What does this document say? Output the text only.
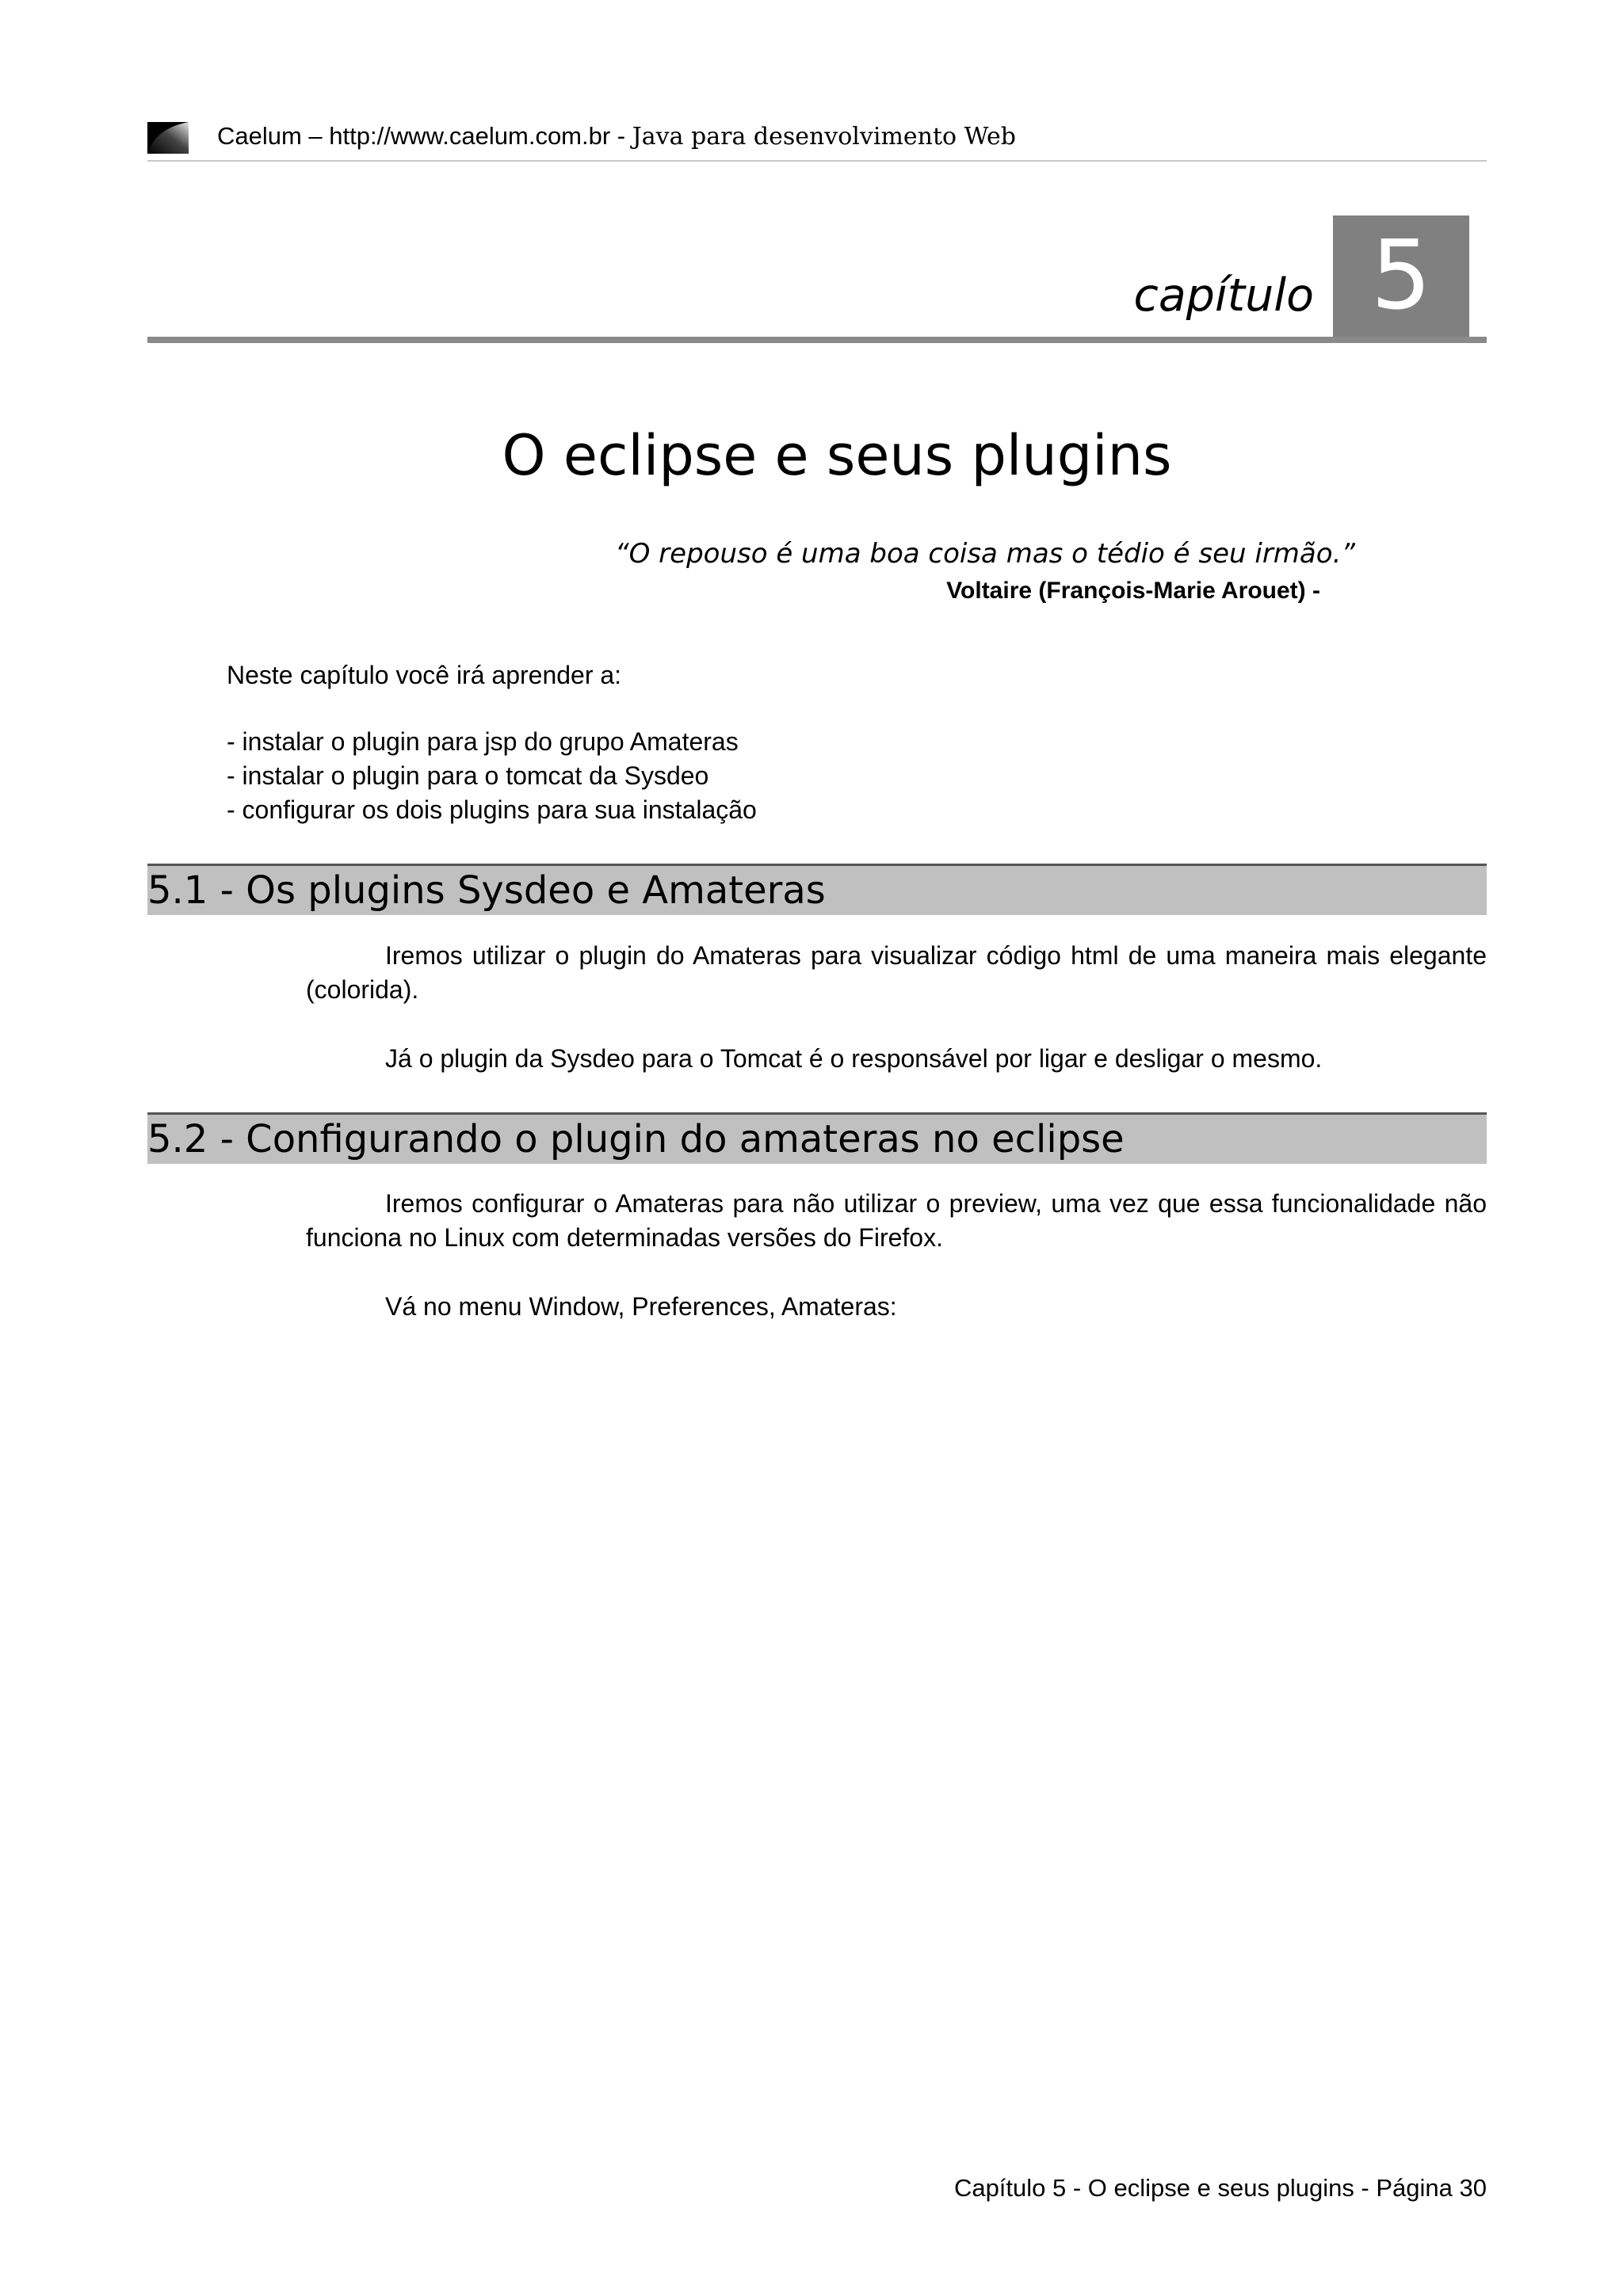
Caelum – http://www.caelum.com.br - Java para desenvolvimento Web
capítulo 5
O eclipse e seus plugins
“O repouso é uma boa coisa mas o tédio é seu irmão.”
Voltaire (François-Marie Arouet) -
Neste capítulo você irá aprender a:
- instalar o plugin para jsp do grupo Amateras
- instalar o plugin para o tomcat da Sysdeo
- configurar os dois plugins para sua instalação
5.1 - Os plugins Sysdeo e Amateras

Iremos utilizar o plugin do Amateras para visualizar código html de uma maneira mais elegante (colorida).

Já o plugin da Sysdeo para o Tomcat é o responsável por ligar e desligar o mesmo.

5.2 - Configurando o plugin do amateras no eclipse

Iremos configurar o Amateras para não utilizar o preview, uma vez que essa funcionalidade não funciona no Linux com determinadas versões do Firefox.

Vá no menu Window, Preferences, Amateras:

Capítulo 5 - O eclipse e seus plugins - Página 30
